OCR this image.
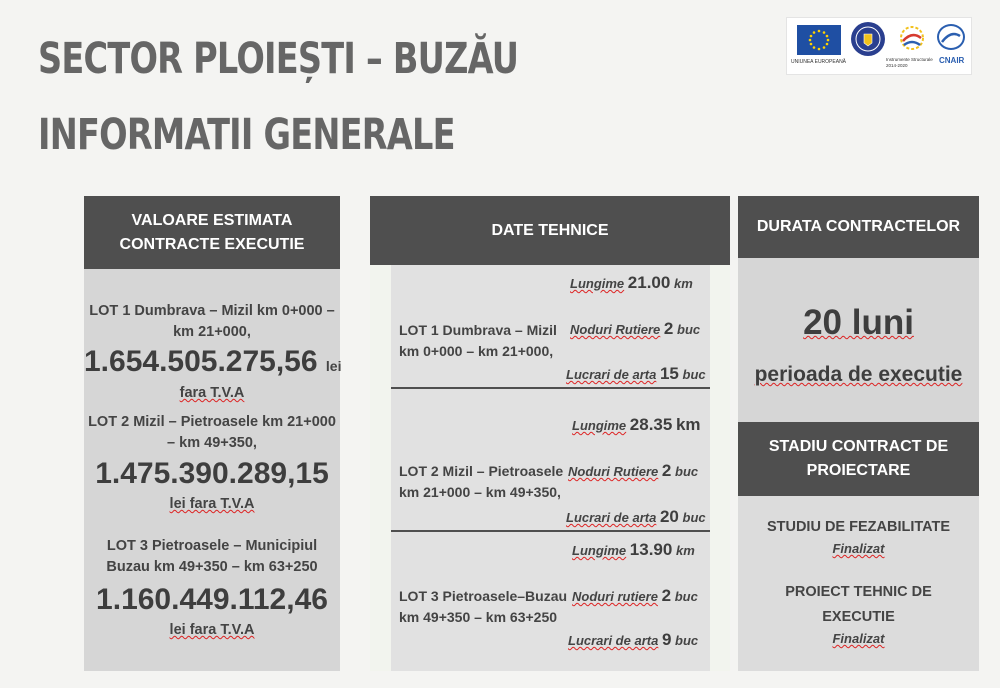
SECTOR PLOIEȘTI – BUZĂU
INFORMATII GENERALE
UNIUNEA EUROPEANĂ	Instrumente Structurale
2014-2020
CNAIR
VALOARE ESTIMATA
CONTRACTE EXECUTIE
LOT 1 Dumbrava – Mizil km 0+000 –
km 21+000,
1.654.505.275,56 lei
fara T.V.A
LOT 2 Mizil – Pietroasele km 21+000
– km 49+350,
1.475.390.289,15
lei fara T.V.A
LOT 3 Pietroasele – Municipiul
Buzau km 49+350 – km 63+250
1.160.449.112,46
lei fara T.V.A
DATE TEHNICE
LOT 1 Dumbrava – Mizil
km 0+000 – km 21+000,
Lungime 21.00 km
Noduri Rutiere 2 buc
Lucrari de arta 15 buc
LOT 2 Mizil – Pietroasele
km 21+000 – km 49+350,
Lungime 28.35 km
Noduri Rutiere 2 buc
Lucrari de arta 20 buc
LOT 3 Pietroasele–Buzau
km 49+350 – km 63+250
Lungime 13.90 km
Noduri rutiere 2 buc
Lucrari de arta 9 buc
DURATA CONTRACTELOR
20 luni
perioada de executie
STADIU CONTRACT DE
PROIECTARE
STUDIU DE FEZABILITATE
Finalizat
PROIECT TEHNIC DE
EXECUTIE
Finalizat
